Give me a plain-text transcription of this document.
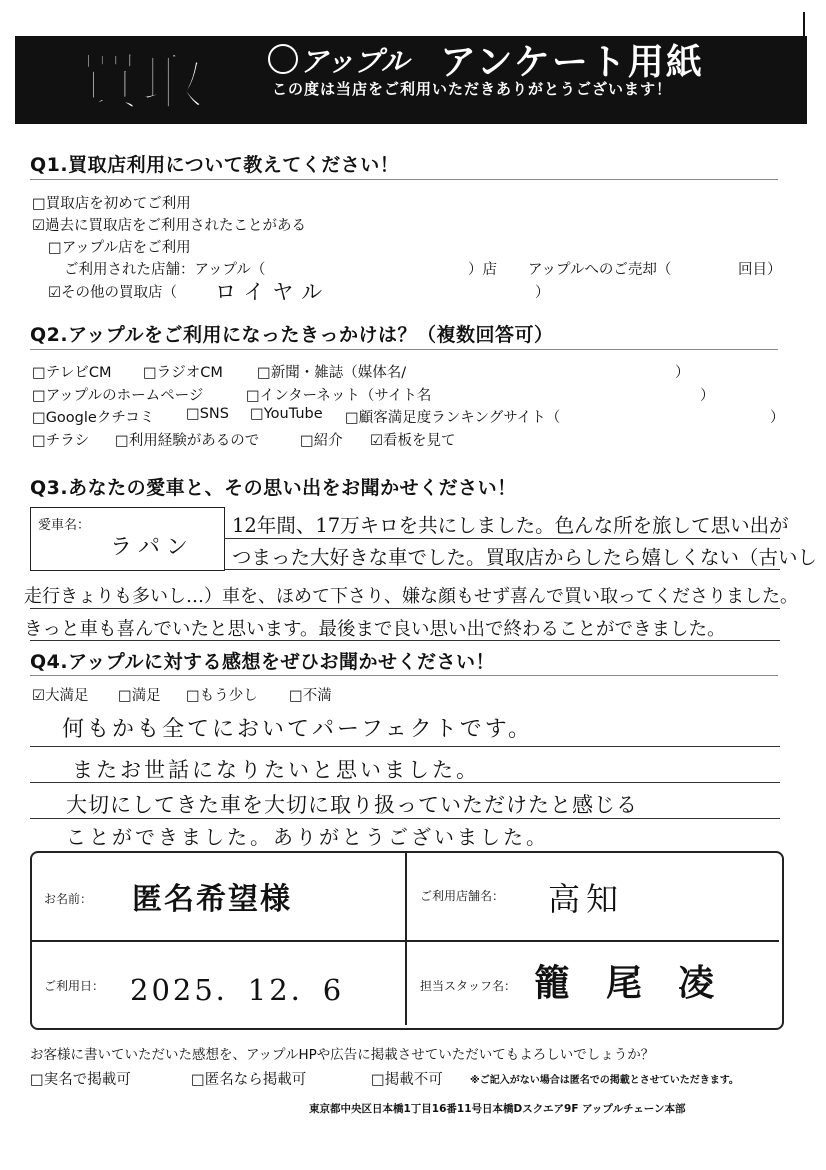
買取	アップル アンケート用紙
この度は当店をご利用いただきありがとうございます！
Q1.買取店利用について教えてください！
□買取店を初めてご利用
☑過去に買取店をご利用されたことがある
□アップル店をご利用
ご利用された店舗：アップル（	）店 アップルへのご売却（	回目）
☑その他の買取店（ ロイヤル	）
Q2.アップルをご利用になったきっかけは？（複数回答可）
□テレビCM □ラジオCM □新聞・雑誌（媒体名/	）
□アップルのホームページ	□インターネット（サイト名	）
□Googleクチコミ □SNS □YouTube □顧客満足度ランキングサイト（	）
□チラシ □利用経験があるので	□紹介 ☑看板を見て
Q3.あなたの愛車と、その思い出をお聞かせください！
愛車名：
ラパン
12年間、17万キロを共にしました。色んな所を旅して思い出が
つまった大好きな車でした。買取店からしたら嬉しくない（古いし
走行きょりも多いし…）車を、ほめて下さり、嫌な顔もせず喜んで買い取ってくださりました。
きっと車も喜んでいたと思います。最後まで良い思い出で終わることができました。
Q4.アップルに対する感想をぜひお聞かせください！
☑大満足 □満足 □もう少し □不満
何もかも全てにおいてパーフェクトです。
またお世話になりたいと思いました。
大切にしてきた車を大切に取り扱っていただけたと感じる
ことができました。ありがとうございました。
お名前： 匿名希望様	ご利用店舗名： 高知
ご利用日： 2025．12．6	担当スタッフ名： 籠　尾　凌
お客様に書いていただいた感想を、アップルHPや広告に掲載させていただいてもよろしいでしょうか？
□実名で掲載可	□匿名なら掲載可	□掲載不可	※ご記入がない場合は匿名での掲載とさせていただきます。
東京都中央区日本橋1丁目16番11号日本橋Dスクエア9F アップルチェーン本部
